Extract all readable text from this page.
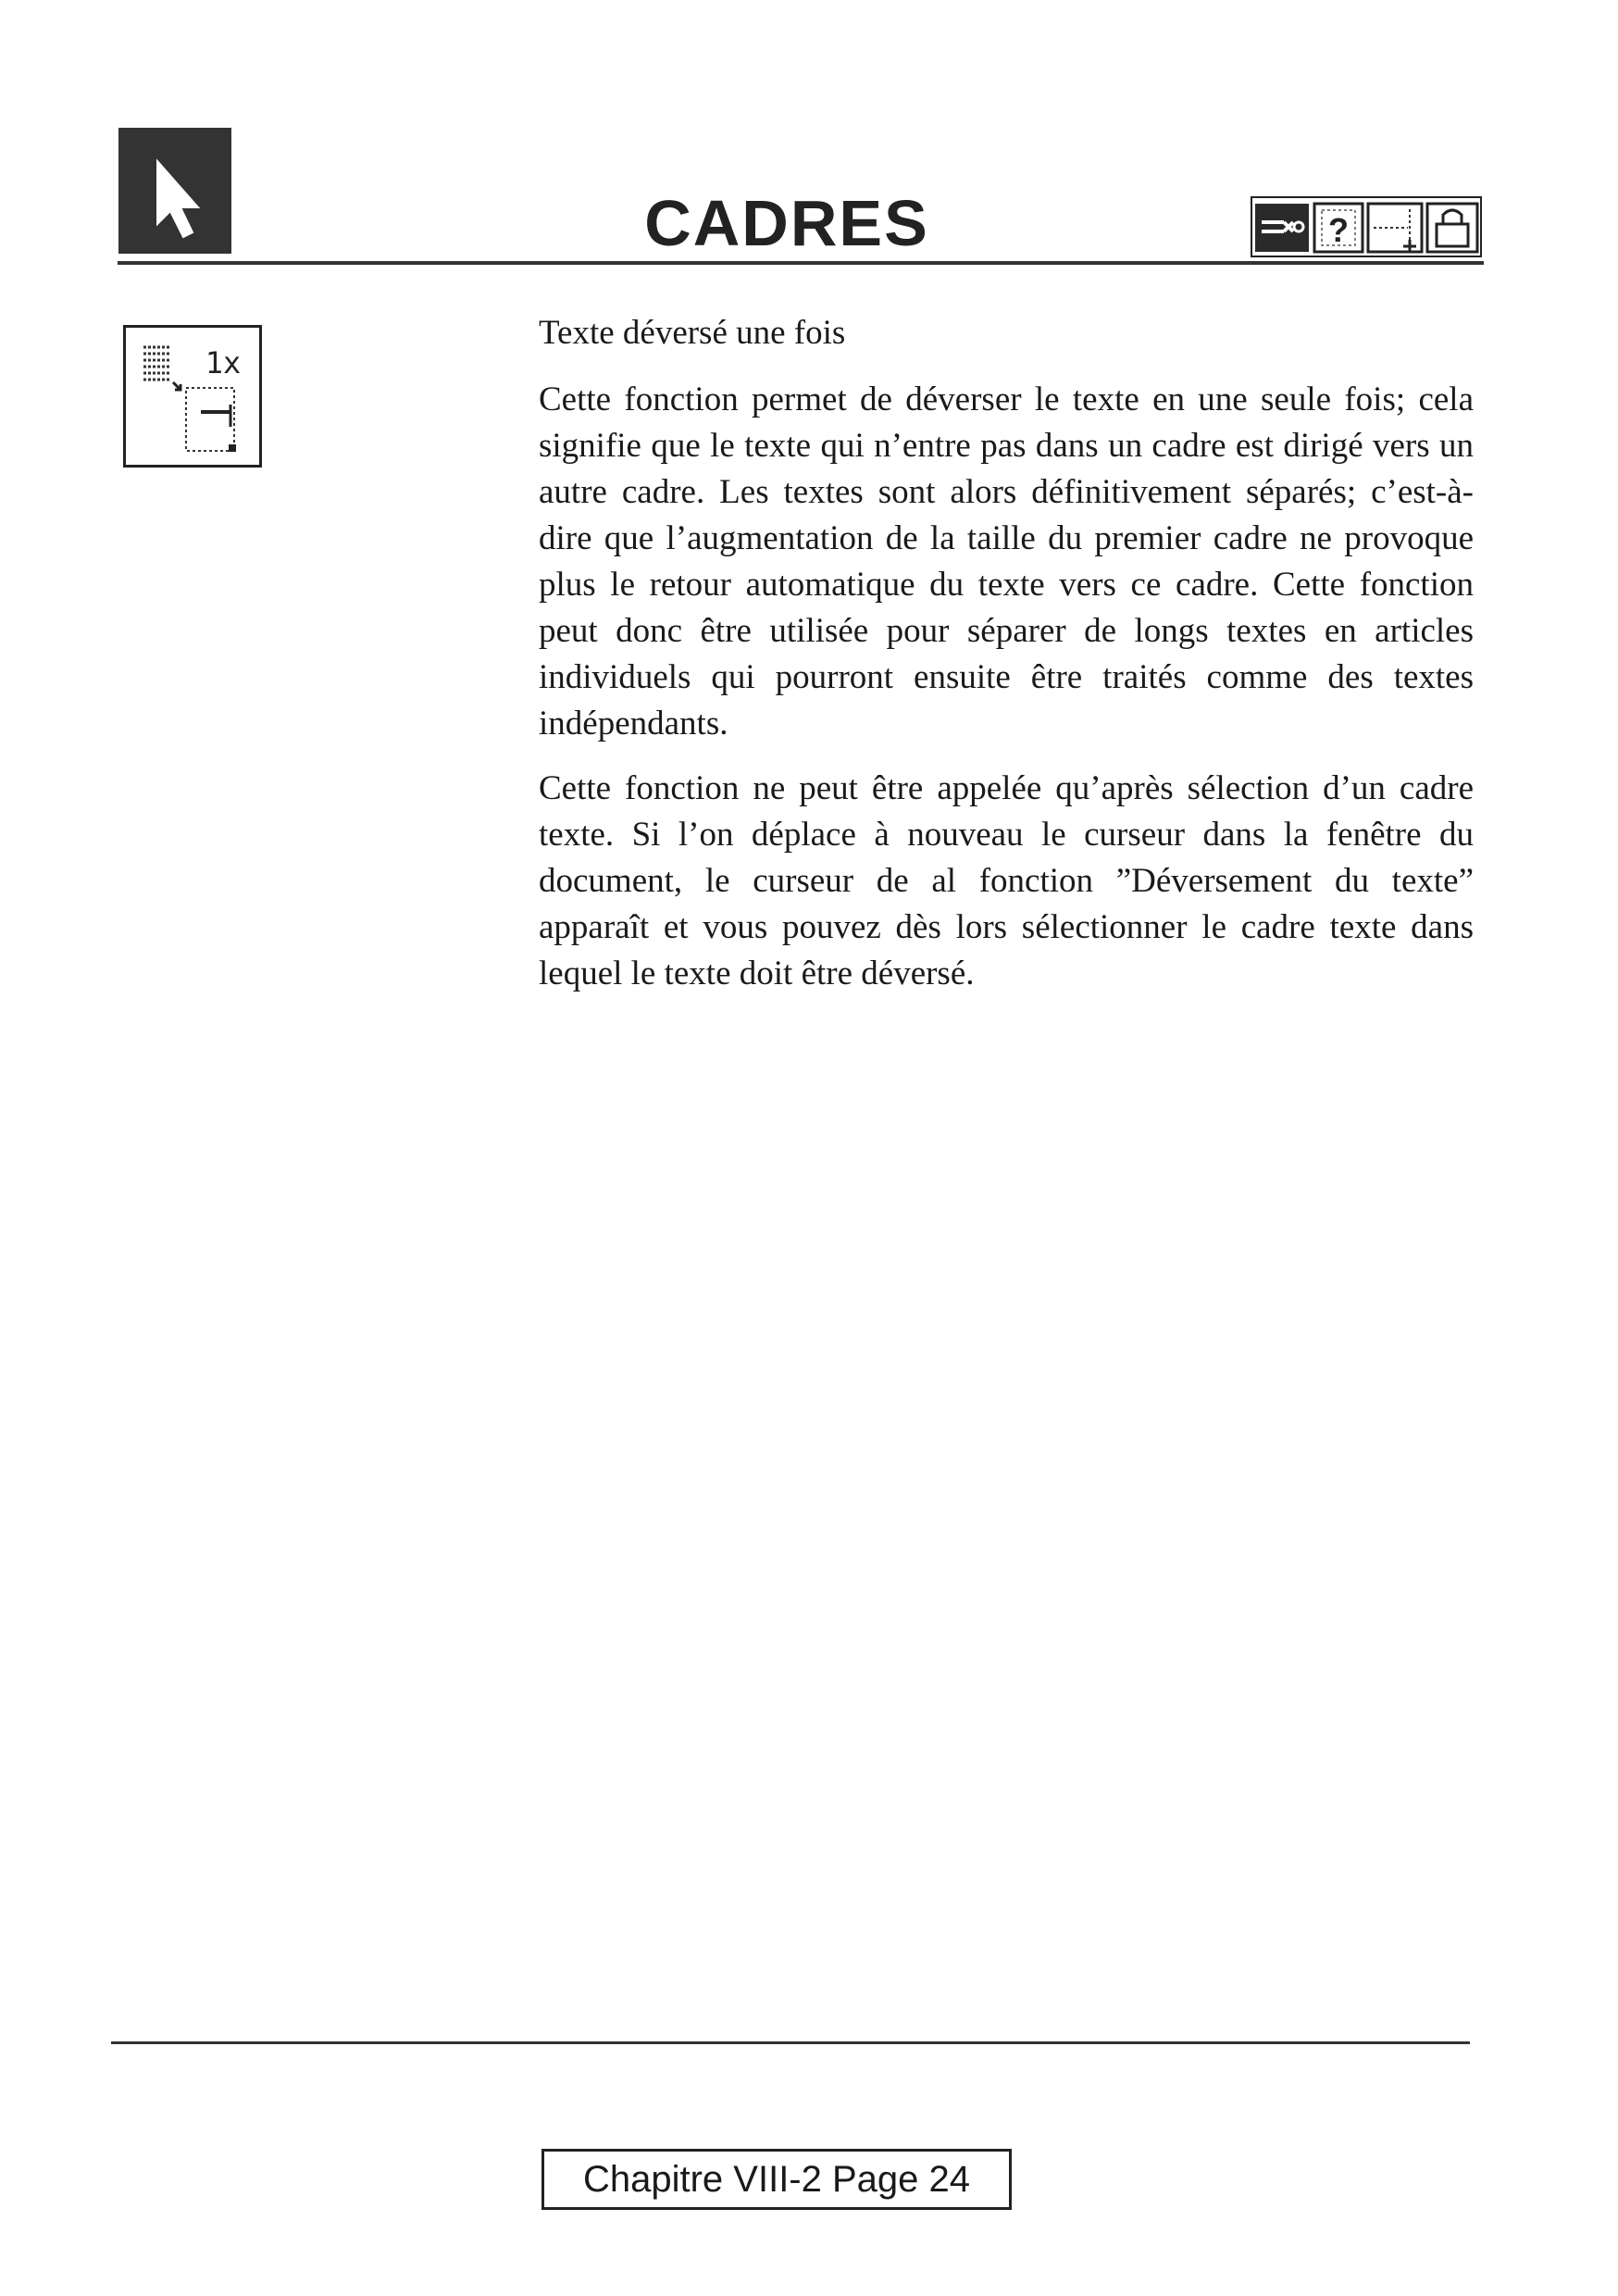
CADRES	?
1x

Texte déversé une fois

Cette fonction permet de déverser le texte en une seule fois; cela signifie que le texte qui n’entre pas dans un cadre est dirigé vers un autre cadre. Les textes sont alors définitivement séparés; c’est-à-dire que l’augmentation de la taille du premier cadre ne provoque plus le retour automatique du texte vers ce cadre. Cette fonction peut donc être utilisée pour séparer de longs textes en articles individuels qui pourront ensuite être traités comme des textes indépendants.

Cette fonction ne peut être appelée qu’après sélection d’un cadre texte. Si l’on déplace à nouveau le curseur dans la fenêtre du document, le curseur de al fonction ”Déversement du texte” apparaît et vous pouvez dès lors sélectionner le cadre texte dans lequel le texte doit être déversé.

Chapitre VIII-2 Page 24
